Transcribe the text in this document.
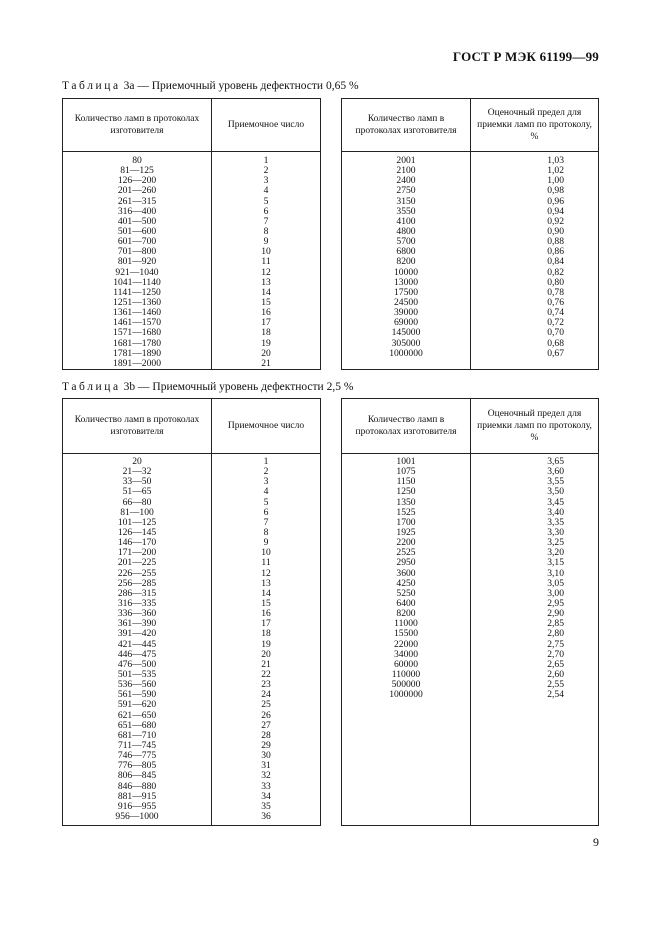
ГОСТ Р МЭК 61199—99
Таблица 3а — Приемочный уровень дефектности 0,65 %
Количество ламп в протоколах изготовителя
Приемочное число
80
81—125
126—200
201—260
261—315
316—400
401—500
501—600
601—700
701—800
801—920
921—1040
1041—1140
1141—1250
1251—1360
1361—1460
1461—1570
1571—1680
1681—1780
1781—1890
1891—2000
1
2
3
4
5
6
7
8
9
10
11
12
13
14
15
16
17
18
19
20
21
Количество ламп в протоколах изготовителя
Оценочный предел для приемки ламп по протоколу, %
2001
2100
2400
2750
3150
3550
4100
4800
5700
6800
8200
10000
13000
17500
24500
39000
69000
145000
305000
1000000
1,03
1,02
1,00
0,98
0,96
0,94
0,92
0,90
0,88
0,86
0,84
0,82
0,80
0,78
0,76
0,74
0,72
0,70
0,68
0,67
Таблица 3b — Приемочный уровень дефектности 2,5 %
Количество ламп в протоколах изготовителя
Приемочное число
20
21—32
33—50
51—65
66—80
81—100
101—125
126—145
146—170
171—200
201—225
226—255
256—285
286—315
316—335
336—360
361—390
391—420
421—445
446—475
476—500
501—535
536—560
561—590
591—620
621—650
651—680
681—710
711—745
746—775
776—805
806—845
846—880
881—915
916—955
956—1000
1
2
3
4
5
6
7
8
9
10
11
12
13
14
15
16
17
18
19
20
21
22
23
24
25
26
27
28
29
30
31
32
33
34
35
36
Количество ламп в протоколах изготовителя
Оценочный предел для приемки ламп по протоколу, %
1001
1075
1150
1250
1350
1525
1700
1925
2200
2525
2950
3600
4250
5250
6400
8200
11000
15500
22000
34000
60000
110000
500000
1000000
3,65
3,60
3,55
3,50
3,45
3,40
3,35
3,30
3,25
3,20
3,15
3,10
3,05
3,00
2,95
2,90
2,85
2,80
2,75
2,70
2,65
2,60
2,55
2,54
9
